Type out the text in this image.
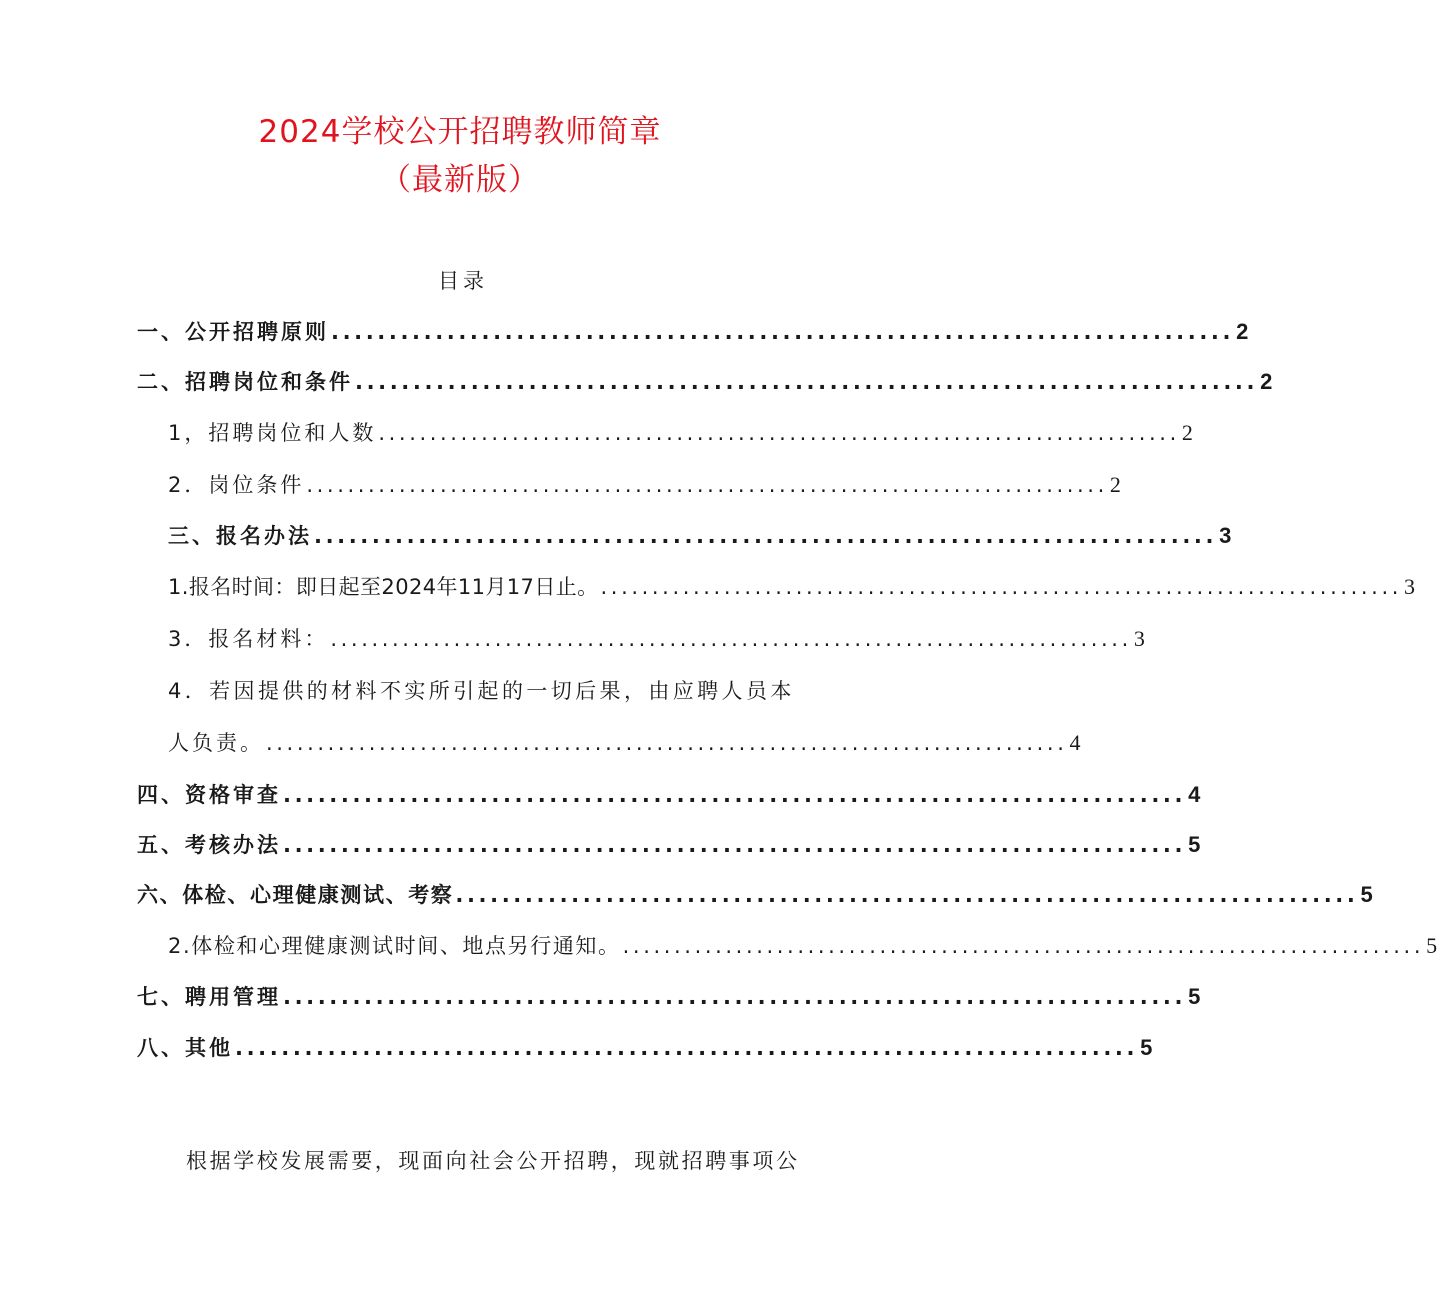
2024学校公开招聘教师简章
（最新版）
目录
一、公开招聘原则 .............................................................................. 2
二、招聘岗位和条件 .............................................................................. 2
1，招聘岗位和人数 .............................................................................. 2
2．岗位条件 .............................................................................. 2
三、报名办法 .............................................................................. 3
1.报名时间：即日起至2024年11月17日止。 .............................................................................. 3
3．报名材料： .............................................................................. 3
4．若因提供的材料不实所引起的一切后果，由应聘人员本
人负责。 .............................................................................. 4
四、资格审查 .............................................................................. 4
五、考核办法 .............................................................................. 5
六、体检、心理健康测试、考察 .............................................................................. 5
2.体检和心理健康测试时间、地点另行通知。 .............................................................................. 5
七、聘用管理 .............................................................................. 5
八、其他 .............................................................................. 5
根据学校发展需要，现面向社会公开招聘，现就招聘事项公
